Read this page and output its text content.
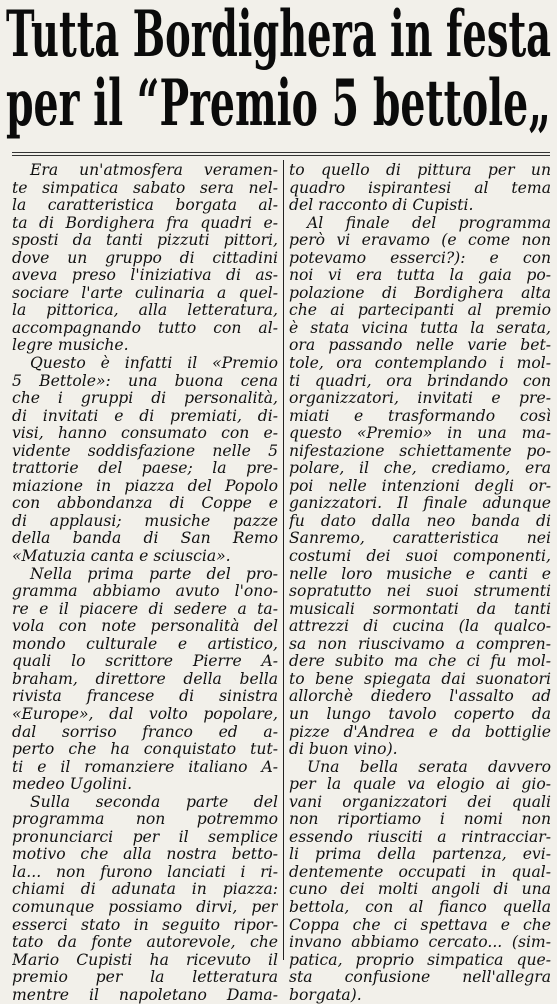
Tutta Bordighera in festa
per il “Premio 5 bettole„
Era un'atmosfera veramen-
te simpatica sabato sera nel-
la caratteristica borgata al-
ta di Bordighera fra quadri e-
sposti da tanti pizzuti pittori,
dove un gruppo di cittadini
aveva preso l'iniziativa di as-
sociare l'arte culinaria a quel-
la pittorica, alla letteratura,
accompagnando tutto con al-
legre musiche.
Questo è infatti il «Premio
5 Bettole»: una buona cena
che i gruppi di personalità,
di invitati e di premiati, di-
visi, hanno consumato con e-
vidente soddisfazione nelle 5
trattorie del paese; la pre-
miazione in piazza del Popolo
con abbondanza di Coppe e
di applausi; musiche pazze
della banda di San Remo
«Matuzia canta e sciuscia».
Nella prima parte del pro-
gramma abbiamo avuto l'ono-
re e il piacere di sedere a ta-
vola con note personalità del
mondo culturale e artistico,
quali lo scrittore Pierre A-
braham, direttore della bella
rivista francese di sinistra
«Europe», dal volto popolare,
dal sorriso franco ed a-
perto che ha conquistato tut-
ti e il romanziere italiano A-
medeo Ugolini.
Sulla seconda parte del
programma non potremmo
pronunciarci per il semplice
motivo che alla nostra betto-
la... non furono lanciati i ri-
chiami di adunata in piazza:
comunque possiamo dirvi, per
esserci stato in seguito ripor-
tato da fonte autorevole, che
Mario Cupisti ha ricevuto il
premio per la letteratura
mentre il napoletano Dama-
to quello di pittura per un
quadro ispirantesi al tema
del racconto di Cupisti.
Al finale del programma
però vi eravamo (e come non
potevamo esserci?): e con
noi vi era tutta la gaia po-
polazione di Bordighera alta
che ai partecipanti al premio
è stata vicina tutta la serata,
ora passando nelle varie bet-
tole, ora contemplando i mol-
ti quadri, ora brindando con
organizzatori, invitati e pre-
miati e trasformando così
questo «Premio» in una ma-
nifestazione schiettamente po-
polare, il che, crediamo, era
poi nelle intenzioni degli or-
ganizzatori. Il finale adunque
fu dato dalla neo banda di
Sanremo, caratteristica nei
costumi dei suoi componenti,
nelle loro musiche e canti e
sopratutto nei suoi strumenti
musicali sormontati da tanti
attrezzi di cucina (la qualco-
sa non riuscivamo a compren-
dere subito ma che ci fu mol-
to bene spiegata dai suonatori
allorchè diedero l'assalto ad
un lungo tavolo coperto da
pizze d'Andrea e da bottiglie
di buon vino).
Una bella serata davvero
per la quale va elogio ai gio-
vani organizzatori dei quali
non riportiamo i nomi non
essendo riusciti a rintracciar-
li prima della partenza, evi-
dentemente occupati in qual-
cuno dei molti angoli di una
bettola, con al fianco quella
Coppa che ci spettava e che
invano abbiamo cercato... (sim-
patica, proprio simpatica que-
sta confusione nell'allegra
borgata).
